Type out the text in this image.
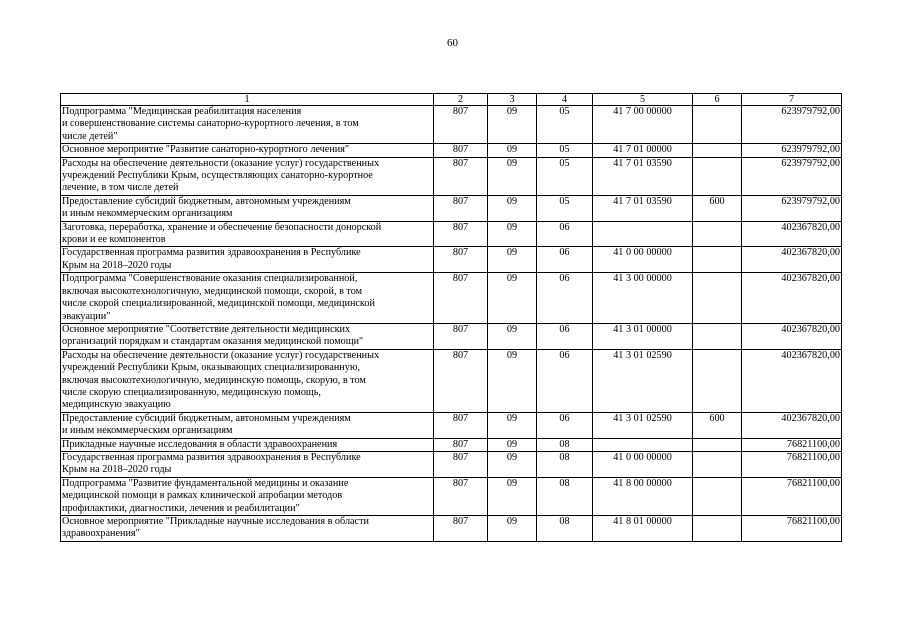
60
1	2	3	4	5	6	7
Подпрограмма "Медицинская реабилитация населения
и совершенствование системы санаторно-курортного лечения, в том
числе детей"	807	09	05	41 7 00 00000		623979792,00
Основное мероприятие "Развитие санаторно-курортного лечения"	807	09	05	41 7 01 00000		623979792,00
Расходы на обеспечение деятельности (оказание услуг) государственных
учреждений Республики Крым, осуществляющих санаторно-курортное
лечение, в том числе детей	807	09	05	41 7 01 03590		623979792,00
Предоставление субсидий бюджетным, автономным учреждениям
и иным некоммерческим организациям	807	09	05	41 7 01 03590	600	623979792,00
Заготовка, переработка, хранение и обеспечение безопасности донорской
крови и ее компонентов	807	09	06			402367820,00
Государственная программа развития здравоохранения в Республике
Крым на 2018–2020 годы	807	09	06	41 0 00 00000		402367820,00
Подпрограмма "Совершенствование оказания специализированной,
включая высокотехнологичную, медицинской помощи, скорой, в том
числе скорой специализированной, медицинской помощи, медицинской
эвакуации"	807	09	06	41 3 00 00000		402367820,00
Основное мероприятие "Соответствие деятельности медицинских
организаций порядкам и стандартам оказания медицинской помощи"	807	09	06	41 3 01 00000		402367820,00
Расходы на обеспечение деятельности (оказание услуг) государственных
учреждений Республики Крым, оказывающих специализированную,
включая высокотехнологичную, медицинскую помощь, скорую, в том
числе скорую специализированную, медицинскую помощь,
медицинскую эвакуацию	807	09	06	41 3 01 02590		402367820,00
Предоставление субсидий бюджетным, автономным учреждениям
и иным некоммерческим организациям	807	09	06	41 3 01 02590	600	402367820,00
Прикладные научные исследования в области здравоохранения	807	09	08			76821100,00
Государственная программа развития здравоохранения в Республике
Крым на 2018–2020 годы	807	09	08	41 0 00 00000		76821100,00
Подпрограмма "Развитие фундаментальной медицины и оказание
медицинской помощи в рамках клинической апробации методов
профилактики, диагностики, лечения и реабилитации"	807	09	08	41 8 00 00000		76821100,00
Основное мероприятие "Прикладные научные исследования в области
здравоохранения"	807	09	08	41 8 01 00000		76821100,00
